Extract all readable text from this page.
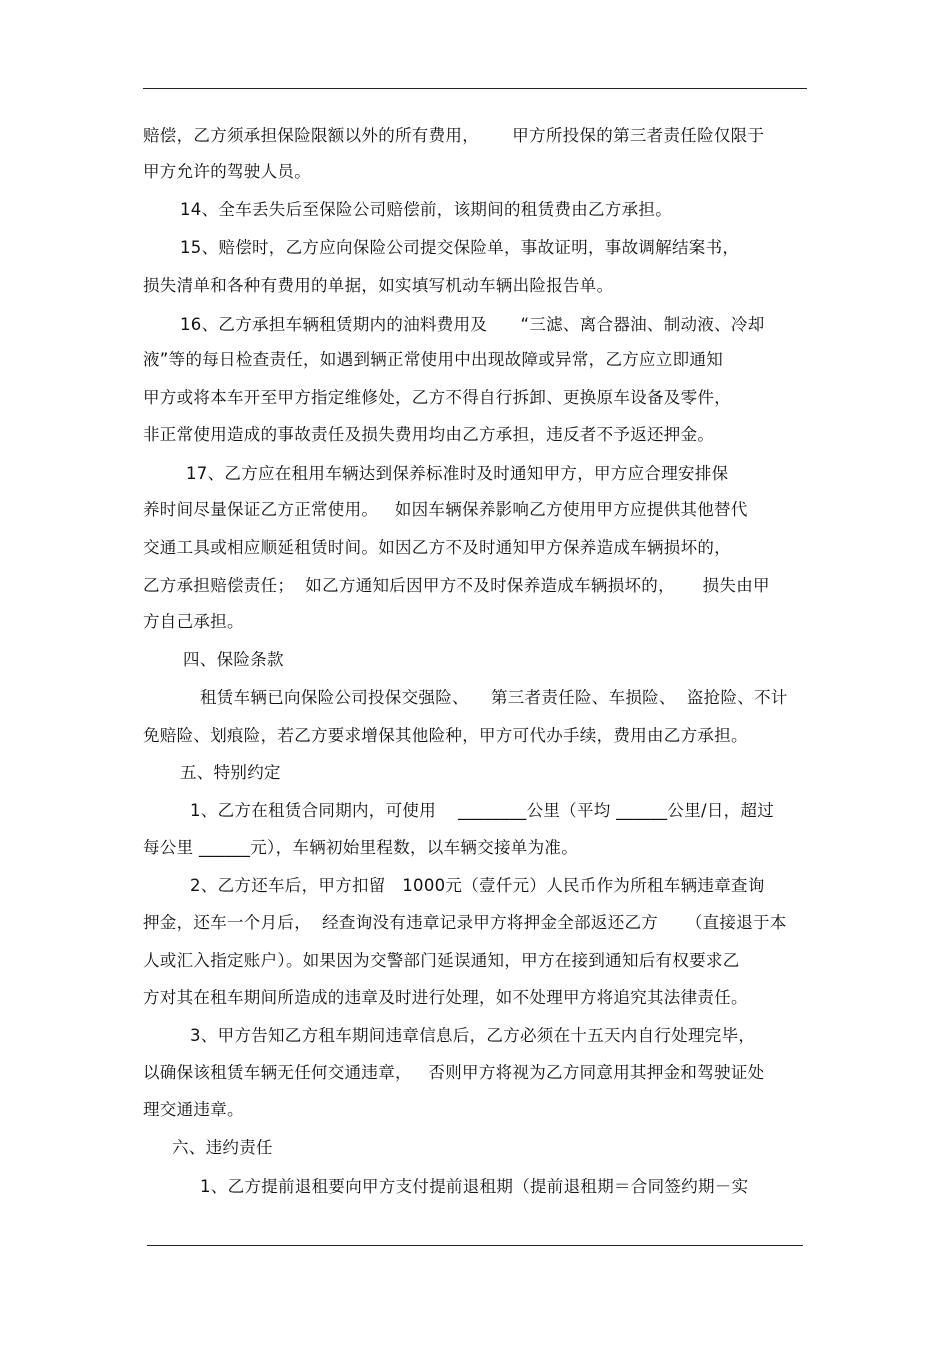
赔偿，乙方须承担保险限额以外的所有费用，      甲方所投保的第三者责任险仅限于
甲方允许的驾驶人员。
14、全车丢失后至保险公司赔偿前，该期间的租赁费由乙方承担。
15、赔偿时，乙方应向保险公司提交保险单，事故证明，事故调解结案书，
损失清单和各种有费用的单据，如实填写机动车辆出险报告单。
16、乙方承担车辆租赁期内的油料费用及      “三滤、离合器油、制动液、冷却
液”等的每日检查责任，如遇到辆正常使用中出现故障或异常，乙方应立即通知
甲方或将本车开至甲方指定维修处，乙方不得自行拆卸、更换原车设备及零件，
非正常使用造成的事故责任及损失费用均由乙方承担，违反者不予返还押金。
17、乙方应在租用车辆达到保养标准时及时通知甲方，甲方应合理安排保
养时间尽量保证乙方正常使用。   如因车辆保养影响乙方使用甲方应提供其他替代
交通工具或相应顺延租赁时间。如因乙方不及时通知甲方保养造成车辆损坏的，
乙方承担赔偿责任；  如乙方通知后因甲方不及时保养造成车辆损坏的，     损失由甲
方自己承担。
四、保险条款
租赁车辆已向保险公司投保交强险、    第三者责任险、车损险、  盗抢险、不计
免赔险、划痕险，若乙方要求增保其他险种，甲方可代办手续，费用由乙方承担。
五、特别约定
1、乙方在租赁合同期内，可使用    ________公里（平均 ______公里/日，超过
每公里 ______元），车辆初始里程数，以车辆交接单为准。
2、乙方还车后，甲方扣留   1000元（壹仟元）人民币作为所租车辆违章查询
押金，还车一个月后，  经查询没有违章记录甲方将押金全部返还乙方     （直接退于本
人或汇入指定账户）。如果因为交警部门延误通知，甲方在接到通知后有权要求乙
方对其在租车期间所造成的违章及时进行处理，如不处理甲方将追究其法律责任。
3、甲方告知乙方租车期间违章信息后，乙方必须在十五天内自行处理完毕，
以确保该租赁车辆无任何交通违章，   否则甲方将视为乙方同意用其押金和驾驶证处
理交通违章。
六、违约责任
1、乙方提前退租要向甲方支付提前退租期（提前退租期＝合同签约期－实
